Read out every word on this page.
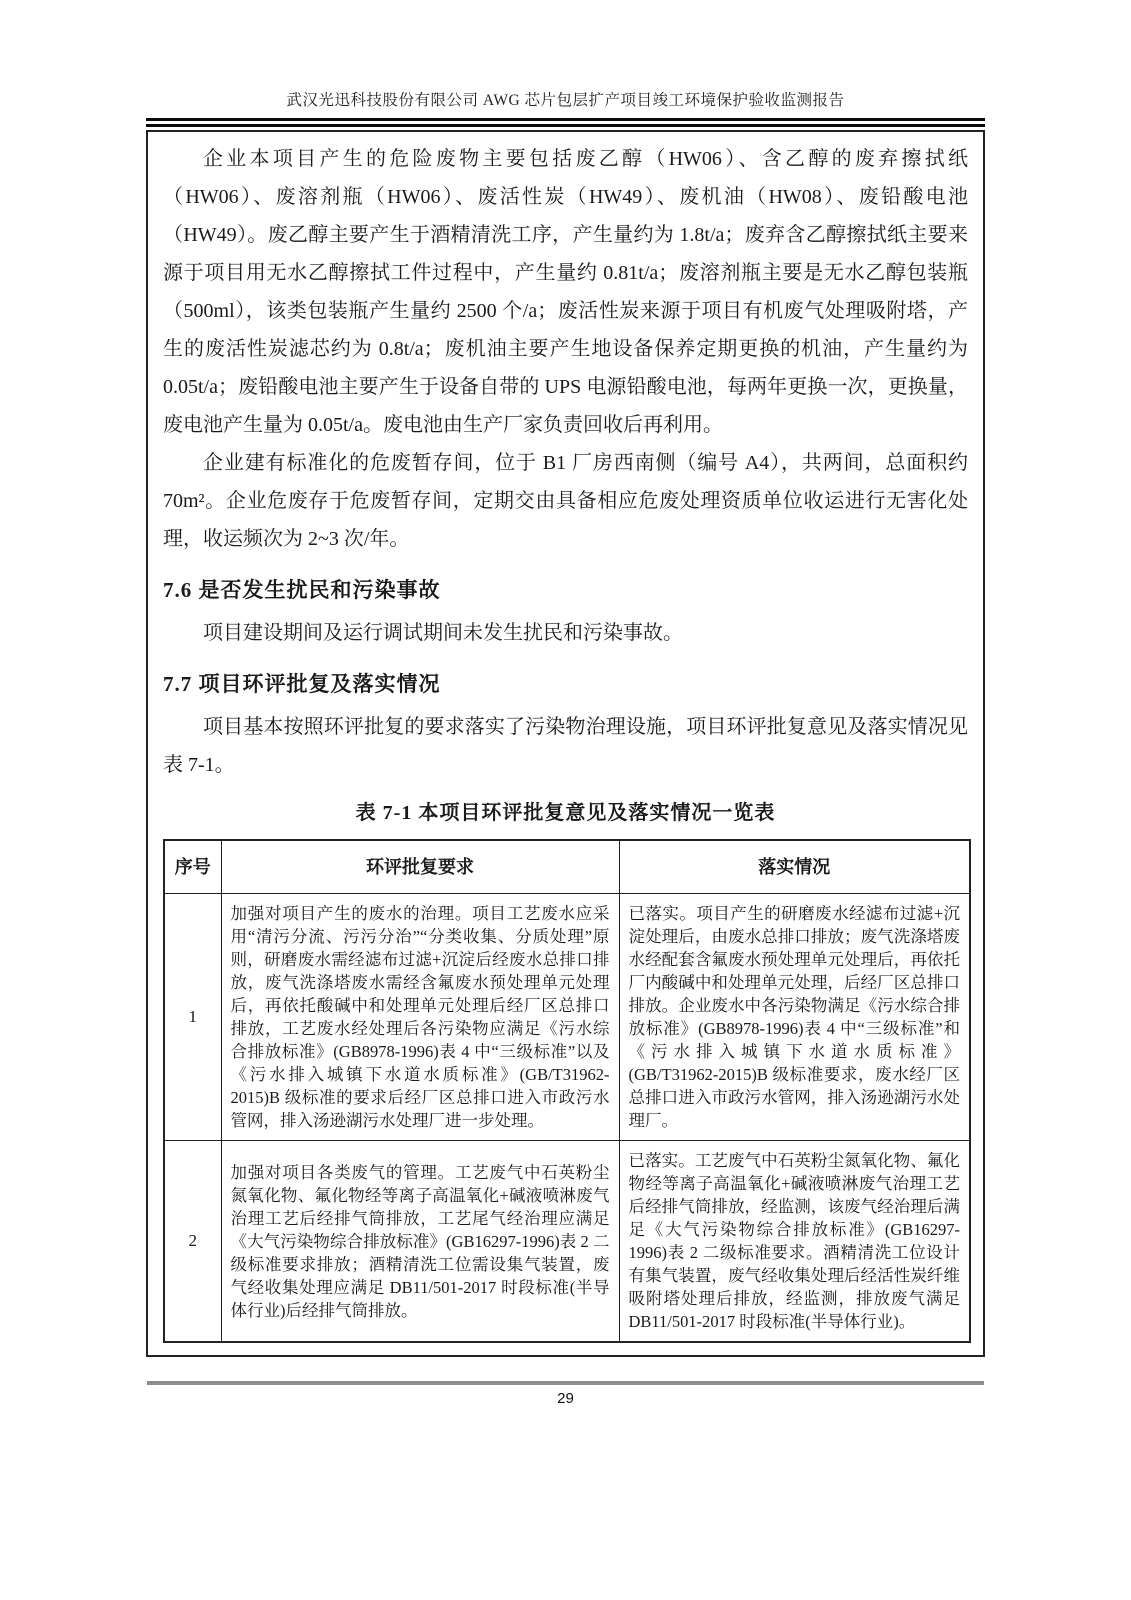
武汉光迅科技股份有限公司 AWG 芯片包层扩产项目竣工环境保护验收监测报告

企业本项目产生的危险废物主要包括废乙醇（HW06）、含乙醇的废弃擦拭纸（HW06）、废溶剂瓶（HW06）、废活性炭（HW49）、废机油（HW08）、废铅酸电池（HW49）。废乙醇主要产生于酒精清洗工序，产生量约为 1.8t/a；废弃含乙醇擦拭纸主要来源于项目用无水乙醇擦拭工件过程中，产生量约 0.81t/a；废溶剂瓶主要是无水乙醇包装瓶（500ml），该类包装瓶产生量约 2500 个/a；废活性炭来源于项目有机废气处理吸附塔，产生的废活性炭滤芯约为 0.8t/a；废机油主要产生地设备保养定期更换的机油，产生量约为 0.05t/a；废铅酸电池主要产生于设备自带的 UPS 电源铅酸电池，每两年更换一次，更换量，废电池产生量为 0.05t/a。废电池由生产厂家负责回收后再利用。

企业建有标准化的危废暂存间，位于 B1 厂房西南侧（编号 A4），共两间，总面积约 70m²。企业危废存于危废暂存间，定期交由具备相应危废处理资质单位收运进行无害化处理，收运频次为 2~3 次/年。

7.6 是否发生扰民和污染事故

项目建设期间及运行调试期间未发生扰民和污染事故。

7.7 项目环评批复及落实情况

项目基本按照环评批复的要求落实了污染物治理设施，项目环评批复意见及落实情况见表 7-1。

表 7-1 本项目环评批复意见及落实情况一览表
序号	环评批复要求	落实情况
1	加强对项目产生的废水的治理。项目工艺废水应采用“清污分流、污污分治”“分类收集、分质处理”原则，研磨废水需经滤布过滤+沉淀后经废水总排口排放，废气洗涤塔废水需经含氟废水预处理单元处理后，再依托酸碱中和处理单元处理后经厂区总排口排放，工艺废水经处理后各污染物应满足《污水综合排放标准》(GB8978-1996)表 4 中“三级标准”以及《污水排入城镇下水道水质标准》(GB/T31962-2015)B 级标准的要求后经厂区总排口进入市政污水管网，排入汤逊湖污水处理厂进一步处理。	已落实。项目产生的研磨废水经滤布过滤+沉淀处理后，由废水总排口排放；废气洗涤塔废水经配套含氟废水预处理单元处理后，再依托厂内酸碱中和处理单元处理，后经厂区总排口排放。企业废水中各污染物满足《污水综合排放标准》(GB8978-1996)表 4 中“三级标准”和《污水排入城镇下水道水质标准》(GB/T31962-2015)B 级标准要求，废水经厂区总排口进入市政污水管网，排入汤逊湖污水处理厂。
2	加强对项目各类废气的管理。工艺废气中石英粉尘氮氧化物、氟化物经等离子高温氧化+碱液喷淋废气治理工艺后经排气筒排放，工艺尾气经治理应满足《大气污染物综合排放标准》(GB16297-1996)表 2 二级标准要求排放；酒精清洗工位需设集气装置，废气经收集处理应满足 DB11/501-2017 时段标准(半导体行业)后经排气筒排放。	已落实。工艺废气中石英粉尘氮氧化物、氟化物经等离子高温氧化+碱液喷淋废气治理工艺后经排气筒排放，经监测，该废气经治理后满足《大气污染物综合排放标准》(GB16297-1996)表 2 二级标准要求。酒精清洗工位设计有集气装置，废气经收集处理后经活性炭纤维吸附塔处理后排放，经监测，排放废气满足 DB11/501-2017 时段标准(半导体行业)。
29
